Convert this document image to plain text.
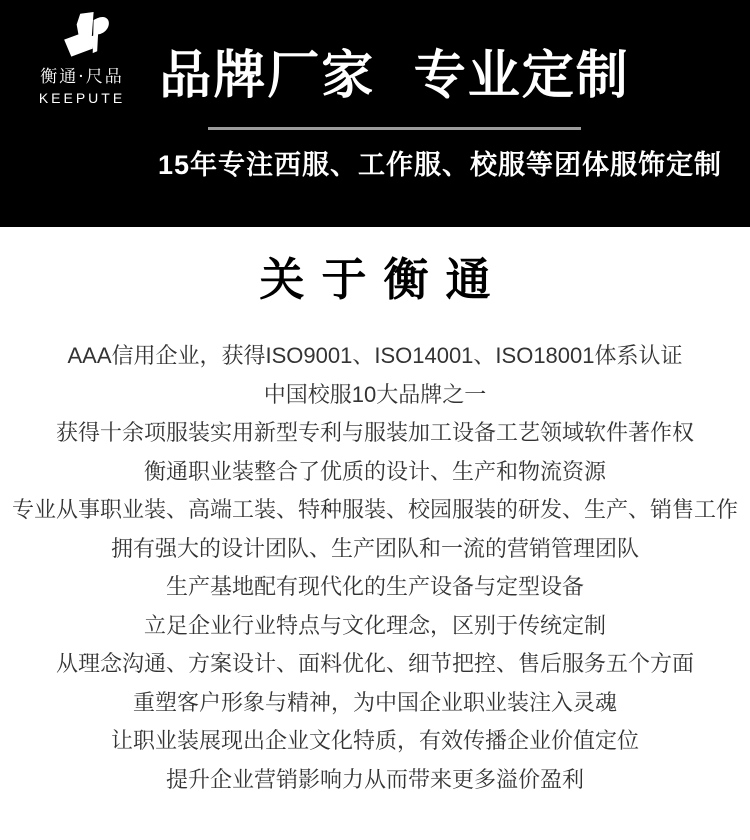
衡通·尺品
KEEPUTE 品牌厂家 专业定制
15年专注西服、工作服、校服等团体服饰定制
关于衡通

AAA信用企业，获得ISO9001、ISO14001、ISO18001体系认证

中国校服10大品牌之一

获得十余项服装实用新型专利与服装加工设备工艺领域软件著作权

衡通职业装整合了优质的设计、生产和物流资源

专业从事职业装、高端工装、特种服装、校园服装的研发、生产、销售工作

拥有强大的设计团队、生产团队和一流的营销管理团队

生产基地配有现代化的生产设备与定型设备

立足企业行业特点与文化理念，区别于传统定制

从理念沟通、方案设计、面料优化、细节把控、售后服务五个方面

重塑客户形象与精神，为中国企业职业装注入灵魂

让职业装展现出企业文化特质，有效传播企业价值定位

提升企业营销影响力从而带来更多溢价盈利
